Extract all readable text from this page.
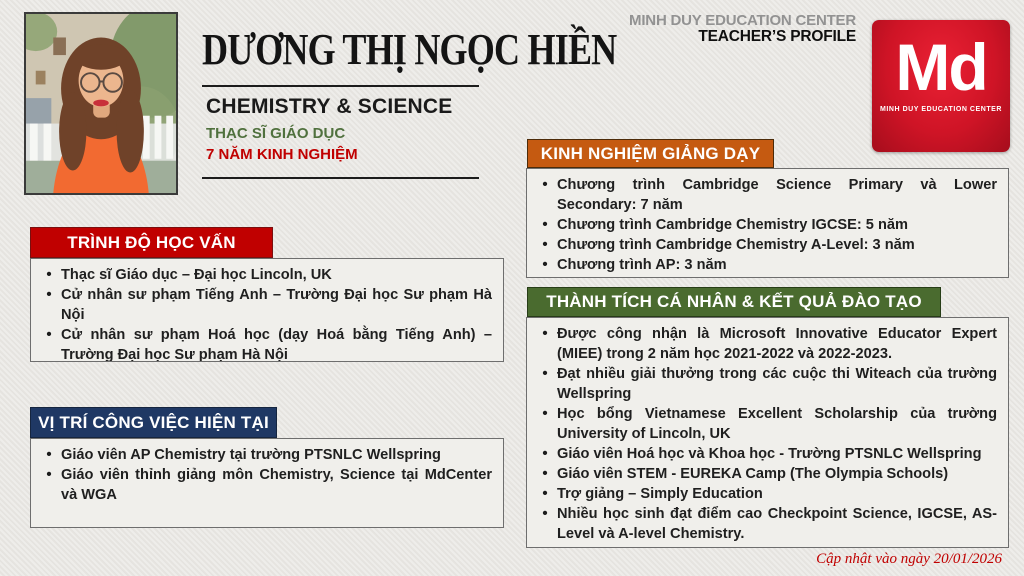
DƯƠNG THỊ NGỌC HIỀN
CHEMISTRY & SCIENCE
THẠC SĨ GIÁO DỤC
7 NĂM KINH NGHIỆM
MINH DUY EDUCATION CENTER
TEACHER’S PROFILE Md
MINH DUY EDUCATION CENTER
TRÌNH ĐỘ HỌC VẤN
• Thạc sĩ Giáo dục – Đại học Lincoln, UK
• Cử nhân sư phạm Tiếng Anh – Trường Đại học Sư phạm Hà Nội
• Cử nhân sư phạm Hoá học (dạy Hoá bằng Tiếng Anh) – Trường Đại học Sư phạm Hà Nội
VỊ TRÍ CÔNG VIỆC HIỆN TẠI
• Giáo viên AP Chemistry tại trường PTSNLC Wellspring
• Giáo viên thỉnh giảng môn Chemistry, Science tại MdCenter và WGA
KINH NGHIỆM GIẢNG DẠY
• Chương trình Cambridge Science Primary và Lower Secondary: 7 năm
• Chương trình Cambridge Chemistry IGCSE: 5 năm
• Chương trình Cambridge Chemistry A-Level: 3 năm
• Chương trình AP: 3 năm
THÀNH TÍCH CÁ NHÂN & KẾT QUẢ ĐÀO TẠO
• Được công nhận là Microsoft Innovative Educator Expert (MIEE) trong 2 năm học 2021-2022 và 2022-2023.
• Đạt nhiều giải thưởng trong các cuộc thi Witeach của trường Wellspring
• Học bổng Vietnamese Excellent Scholarship của trường University of Lincoln, UK
• Giáo viên Hoá học và Khoa học - Trường PTSNLC Wellspring
• Giáo viên STEM - EUREKA Camp (The Olympia Schools)
• Trợ giảng – Simply Education
• Nhiều học sinh đạt điểm cao Checkpoint Science, IGCSE, AS-Level và A-level Chemistry.
Cập nhật vào ngày 20/01/2026
